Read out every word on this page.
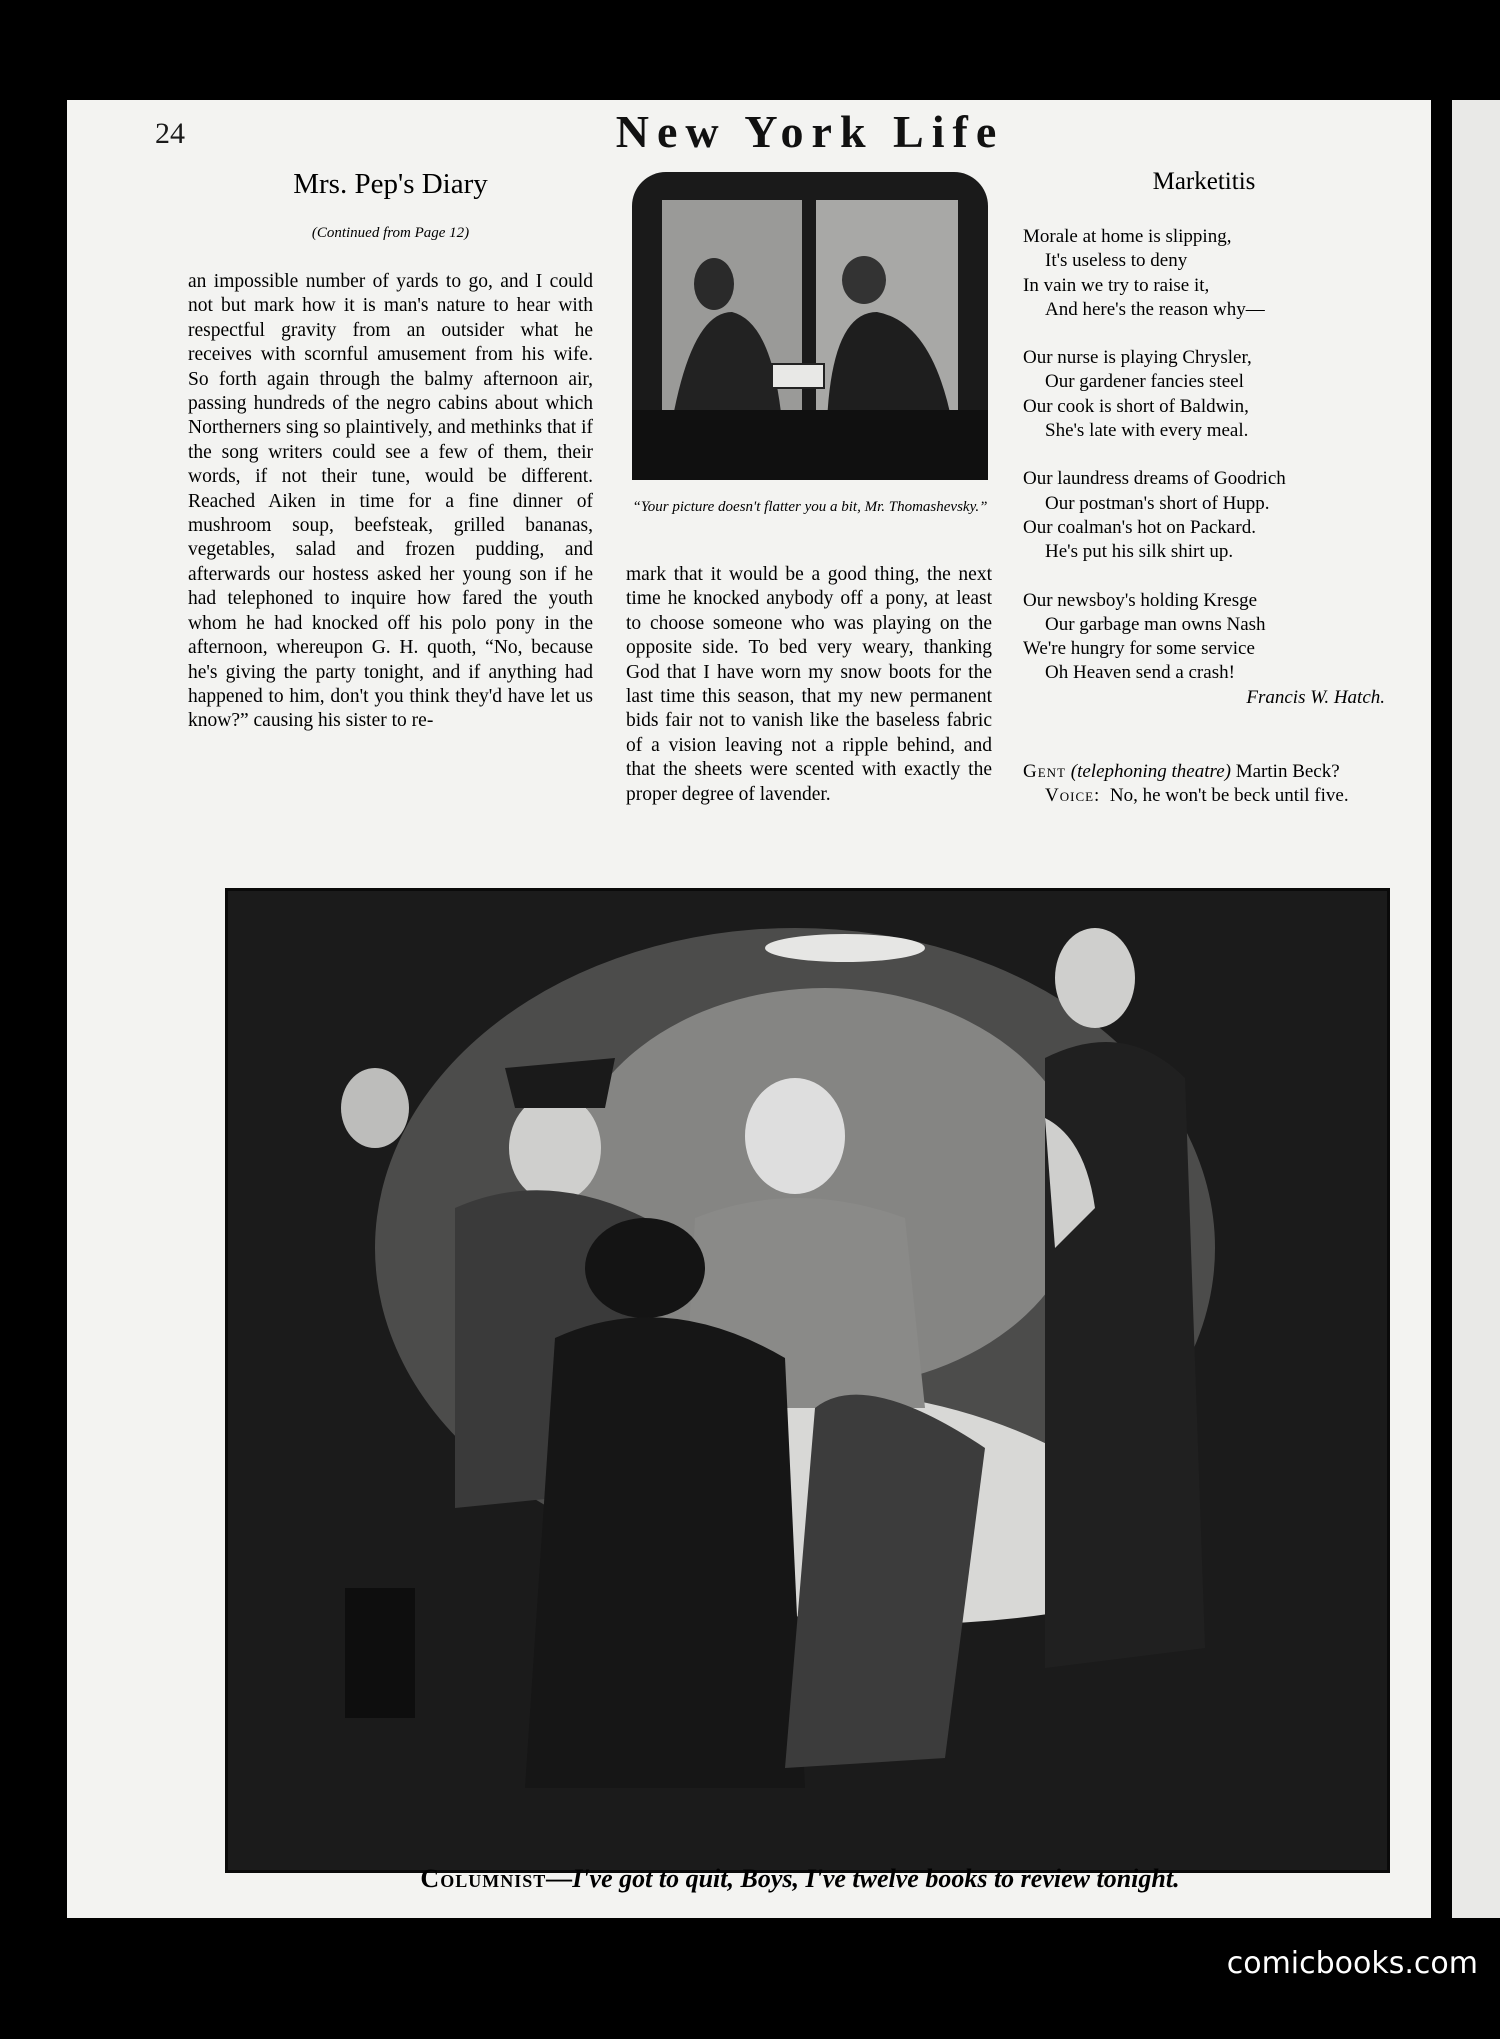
24	New York Life
Mrs. Pep's Diary
(Continued from Page 12)

an impossible number of yards to go, and I could not but mark how it is man's nature to hear with respectful gravity from an outsider what he receives with scornful amusement from his wife. So forth again through the balmy afternoon air, passing hundreds of the negro cabins about which Northerners sing so plaintively, and methinks that if the song writers could see a few of them, their words, if not their tune, would be different. Reached Aiken in time for a fine dinner of mushroom soup, beefsteak, grilled bananas, vegetables, salad and frozen pudding, and afterwards our hostess asked her young son if he had telephoned to inquire how fared the youth whom he had knocked off his polo pony in the afternoon, whereupon G. H. quoth, “No, because he's giving the party tonight, and if anything had happened to him, don't you think they'd have let us know?” causing his sister to re-

“Your picture doesn't flatter you a bit, Mr. Thomashevsky.”

mark that it would be a good thing, the next time he knocked anybody off a pony, at least to choose someone who was playing on the opposite side. To bed very weary, thanking God that I have worn my snow boots for the last time this season, that my new permanent bids fair not to vanish like the baseless fabric of a vision leaving not a ripple behind, and that the sheets were scented with exactly the proper degree of lavender.

Marketitis
Morale at home is slipping,
It's useless to deny
In vain we try to raise it,
And here's the reason why—
Our nurse is playing Chrysler,
Our gardener fancies steel
Our cook is short of Baldwin,
She's late with every meal.
Our laundress dreams of Goodrich
Our postman's short of Hupp.
Our coalman's hot on Packard.
He's put his silk shirt up.
Our newsboy's holding Kresge
Our garbage man owns Nash
We're hungry for some service
Oh Heaven send a crash!
Francis W. Hatch.

Gent (telephoning theatre) Martin Beck?

Voice: No, he won't be beck until five.

Columnist—I've got to quit, Boys, I've twelve books to review tonight.
comicbooks.com
